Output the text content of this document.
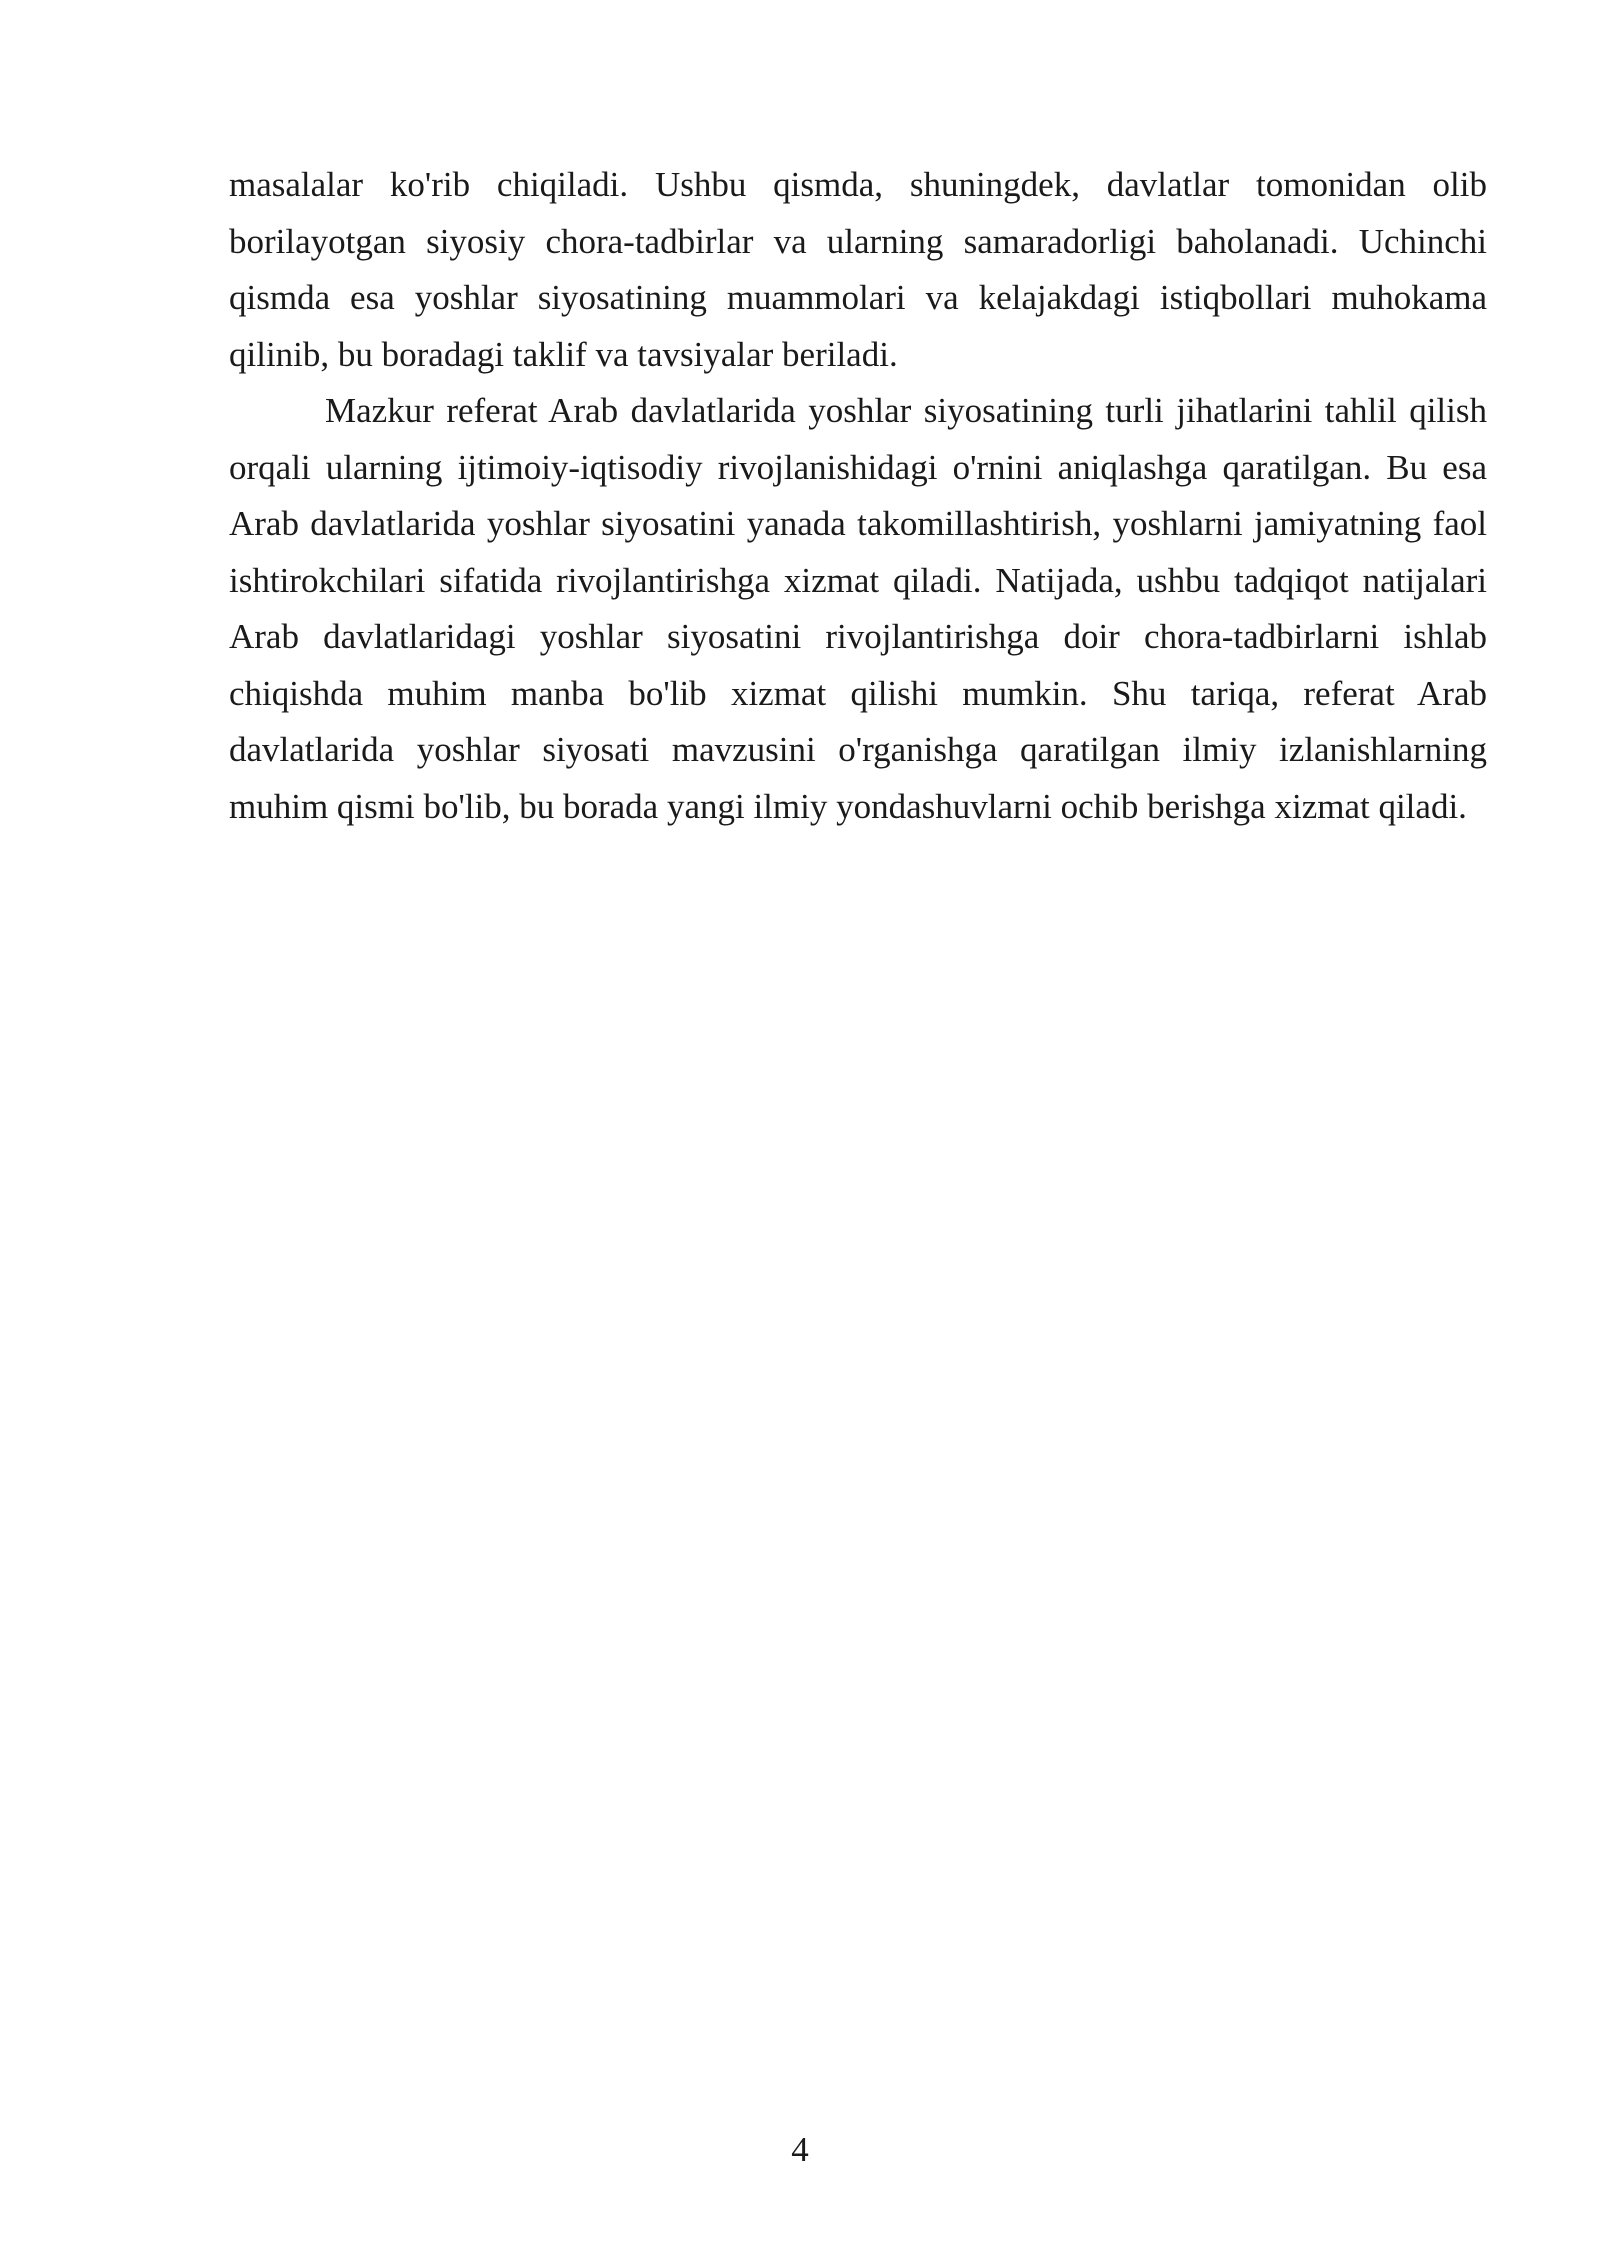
masalalar ko'rib chiqiladi. Ushbu qismda, shuningdek, davlatlar tomonidan olib borilayotgan siyosiy chora-tadbirlar va ularning samaradorligi baholanadi. Uchinchi qismda esa yoshlar siyosatining muammolari va kelajakdagi istiqbollari muhokama qilinib, bu boradagi taklif va tavsiyalar beriladi.

Mazkur referat Arab davlatlarida yoshlar siyosatining turli jihatlarini tahlil qilish orqali ularning ijtimoiy-iqtisodiy rivojlanishidagi o'rnini aniqlashga qaratilgan. Bu esa Arab davlatlarida yoshlar siyosatini yanada takomillashtirish, yoshlarni jamiyatning faol ishtirokchilari sifatida rivojlantirishga xizmat qiladi. Natijada, ushbu tadqiqot natijalari Arab davlatlaridagi yoshlar siyosatini rivojlantirishga doir chora-tadbirlarni ishlab chiqishda muhim manba bo'lib xizmat qilishi mumkin. Shu tariqa, referat Arab davlatlarida yoshlar siyosati mavzusini o'rganishga qaratilgan ilmiy izlanishlarning muhim qismi bo'lib, bu borada yangi ilmiy yondashuvlarni ochib berishga xizmat qiladi.

4
